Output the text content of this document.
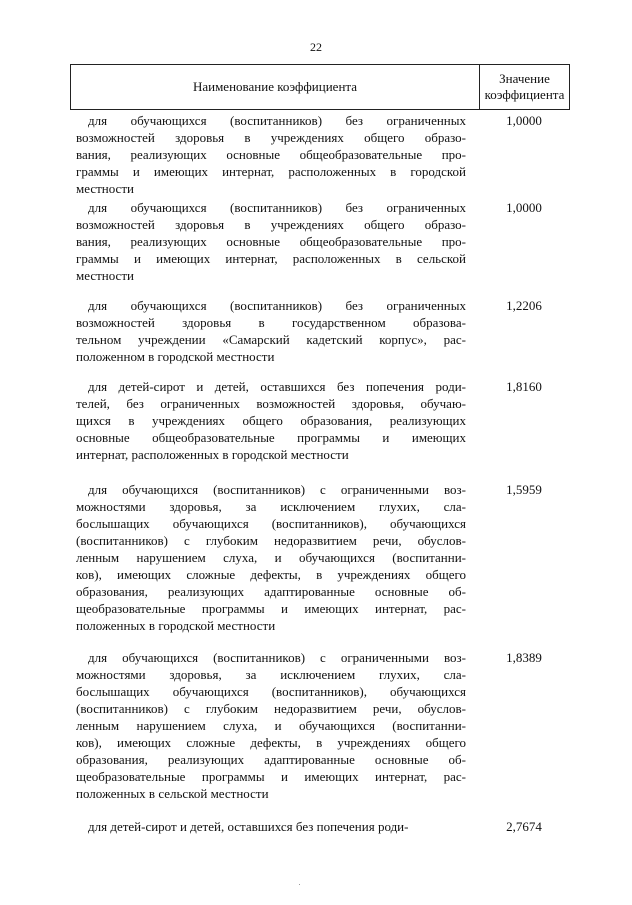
22
Наименование коэффициента
Значение
коэффициента
для обучающихся (воспитанников) без ограниченных
возможностей здоровья в учреждениях общего образо-
вания, реализующих основные общеобразовательные про-
граммы и имеющих интернат, расположенных в городской
местности
1,0000
для обучающихся (воспитанников) без ограниченных
возможностей здоровья в учреждениях общего образо-
вания, реализующих основные общеобразовательные про-
граммы и имеющих интернат, расположенных в сельской
местности
1,0000
для обучающихся (воспитанников) без ограниченных
возможностей здоровья в государственном образова-
тельном учреждении «Самарский кадетский корпус», рас-
положенном в городской местности
1,2206
для детей-сирот и детей, оставшихся без попечения роди-
телей, без ограниченных возможностей здоровья, обучаю-
щихся в учреждениях общего образования, реализующих
основные общеобразовательные программы и имеющих
интернат, расположенных в городской местности
1,8160
для обучающихся (воспитанников) с ограниченными воз-
можностями здоровья, за исключением глухих, сла-
бослышащих обучающихся (воспитанников), обучающихся
(воспитанников) с глубоким недоразвитием речи, обуслов-
ленным нарушением слуха, и обучающихся (воспитанни-
ков), имеющих сложные дефекты, в учреждениях общего
образования, реализующих адаптированные основные об-
щеобразовательные программы и имеющих интернат, рас-
положенных в городской местности
1,5959
для обучающихся (воспитанников) с ограниченными воз-
можностями здоровья, за исключением глухих, сла-
бослышащих обучающихся (воспитанников), обучающихся
(воспитанников) с глубоким недоразвитием речи, обуслов-
ленным нарушением слуха, и обучающихся (воспитанни-
ков), имеющих сложные дефекты, в учреждениях общего
образования, реализующих адаптированные основные об-
щеобразовательные программы и имеющих интернат, рас-
положенных в сельской местности
1,8389
для детей-сирот и детей, оставшихся без попечения роди-	2,7674
